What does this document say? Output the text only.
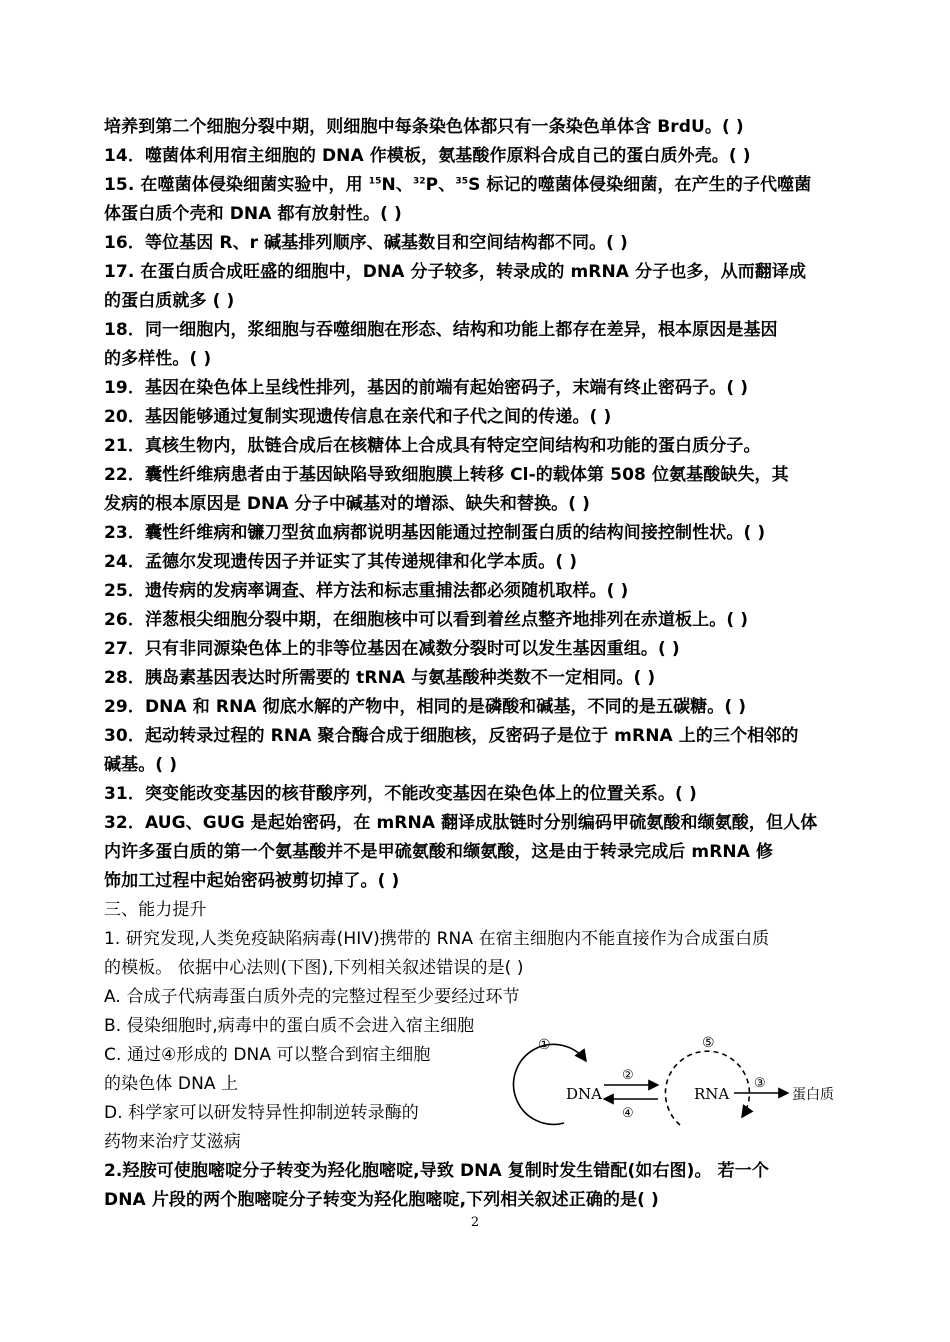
培养到第二个细胞分裂中期，则细胞中每条染色体都只有一条染色单体含 BrdU。( )
14．噬菌体利用宿主细胞的 DNA 作模板，氨基酸作原料合成自己的蛋白质外壳。( )
15. 在噬菌体侵染细菌实验中，用 $^{15}$N、$^{32}$P、$^{35}$S 标记的噬菌体侵染细菌，在产生的子代噬菌
体蛋白质个壳和 DNA 都有放射性。( )
16．等位基因 R、r 碱基排列顺序、碱基数目和空间结构都不同。( )
17. 在蛋白质合成旺盛的细胞中，DNA 分子较多，转录成的 mRNA 分子也多，从而翻译成
的蛋白质就多 ( )
18．同一细胞内，浆细胞与吞噬细胞在形态、结构和功能上都存在差异，根本原因是基因
的多样性。( )
19．基因在染色体上呈线性排列，基因的前端有起始密码子，末端有终止密码子。( )
20．基因能够通过复制实现遗传信息在亲代和子代之间的传递。( )
21．真核生物内，肽链合成后在核糖体上合成具有特定空间结构和功能的蛋白质分子。
22．囊性纤维病患者由于基因缺陷导致细胞膜上转移 Cl-的载体第 508 位氨基酸缺失，其
发病的根本原因是 DNA 分子中碱基对的增添、缺失和替换。( )
23．囊性纤维病和镰刀型贫血病都说明基因能通过控制蛋白质的结构间接控制性状。( )
24．孟德尔发现遗传因子并证实了其传递规律和化学本质。( )
25．遗传病的发病率调查、样方法和标志重捕法都必须随机取样。( )
26．洋葱根尖细胞分裂中期，在细胞核中可以看到着丝点整齐地排列在赤道板上。( )
27．只有非同源染色体上的非等位基因在减数分裂时可以发生基因重组。( )
28．胰岛素基因表达时所需要的 tRNA 与氨基酸种类数不一定相同。( )
29．DNA 和 RNA 彻底水解的产物中，相同的是磷酸和碱基，不同的是五碳糖。( )
30．起动转录过程的 RNA 聚合酶合成于细胞核，反密码子是位于 mRNA 上的三个相邻的
碱基。( )
31．突变能改变基因的核苷酸序列，不能改变基因在染色体上的位置关系。( )
32．AUG、GUG 是起始密码，在 mRNA 翻译成肽链时分别编码甲硫氨酸和缬氨酸，但人体
内许多蛋白质的第一个氨基酸并不是甲硫氨酸和缬氨酸，这是由于转录完成后 mRNA 修
饰加工过程中起始密码被剪切掉了。( )
三、能力提升
1. 研究发现,人类免疫缺陷病毒(HIV)携带的 RNA 在宿主细胞内不能直接作为合成蛋白质
的模板。 依据中心法则(下图),下列相关叙述错误的是( )
A. 合成子代病毒蛋白质外壳的完整过程至少要经过环节
B. 侵染细胞时,病毒中的蛋白质不会进入宿主细胞
C. 通过④形成的 DNA 可以整合到宿主细胞
的染色体 DNA 上
D. 科学家可以研发特异性抑制逆转录酶的
药物来治疗艾滋病
①
DNA
②
④
⑤
RNA
③
蛋白质
2.羟胺可使胞嘧啶分子转变为羟化胞嘧啶,导致 DNA 复制时发生错配(如右图)。 若一个
DNA 片段的两个胞嘧啶分子转变为羟化胞嘧啶,下列相关叙述正确的是( )
2
